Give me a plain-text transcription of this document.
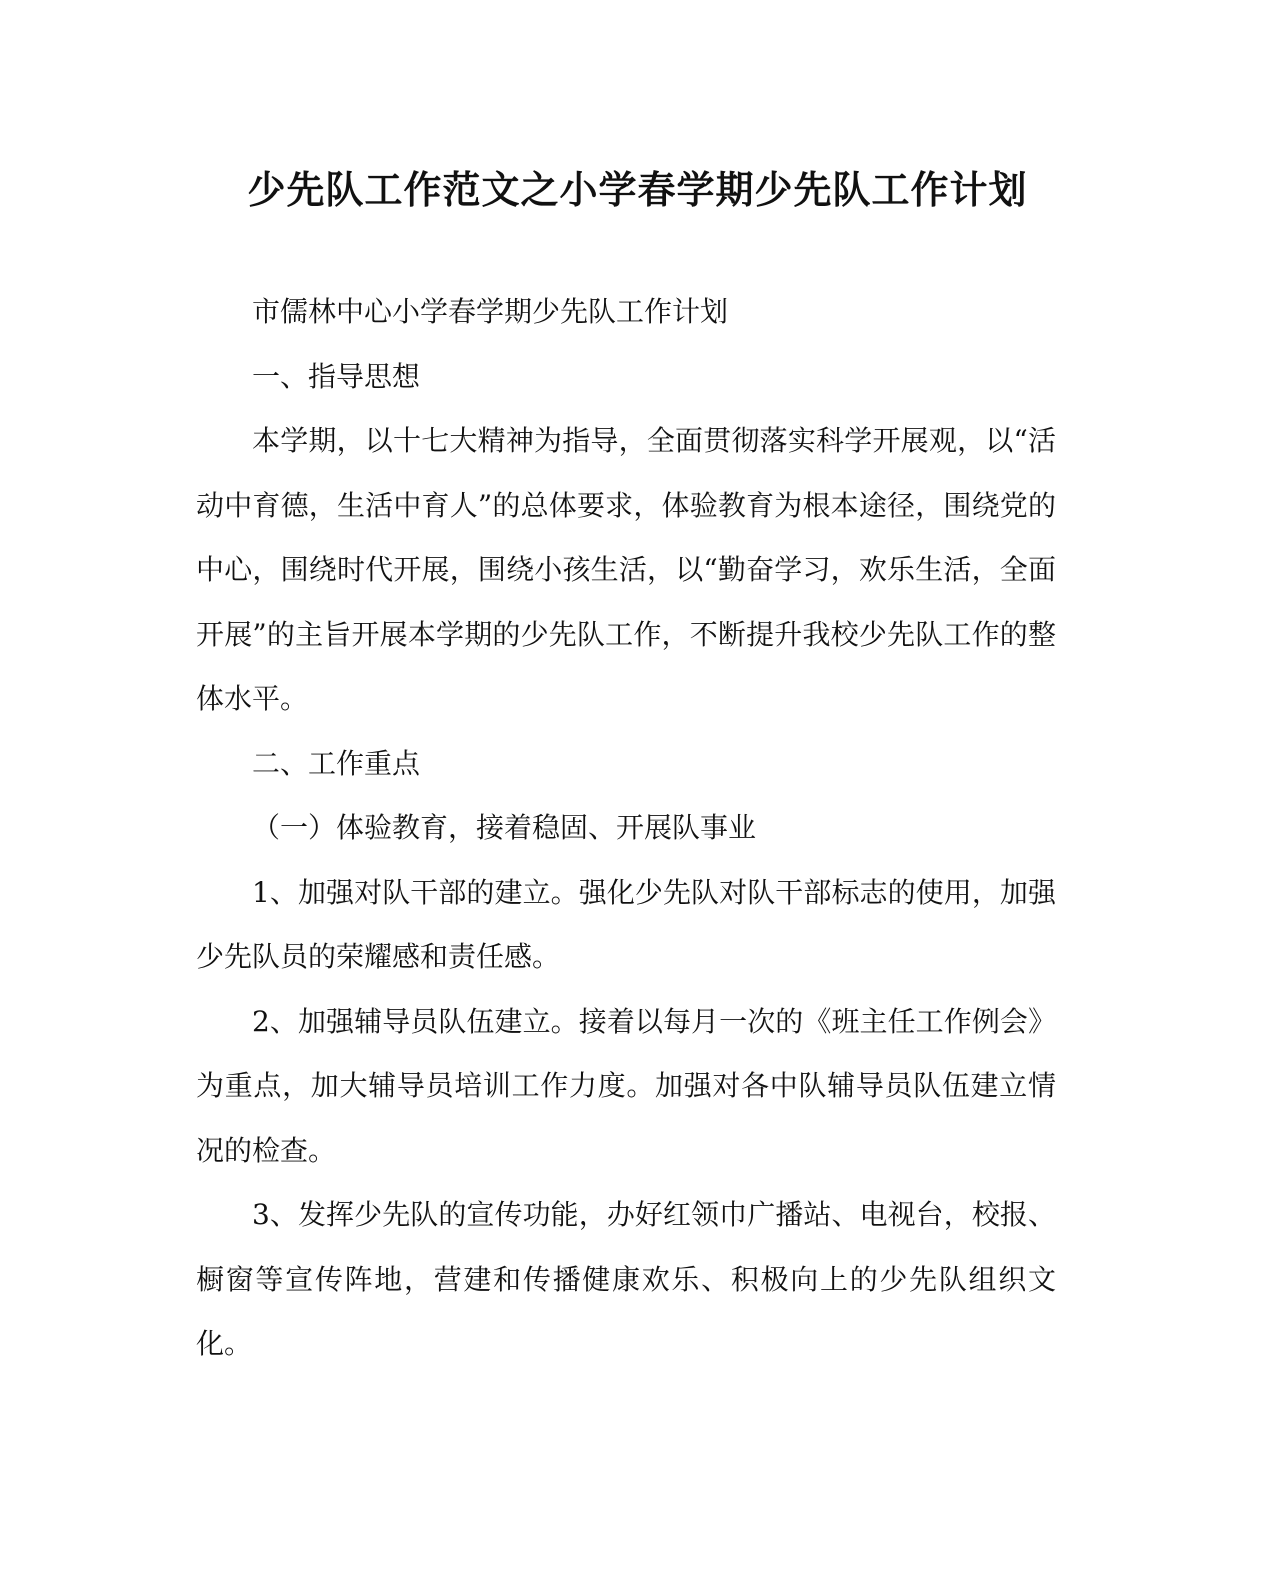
少先队工作范文之小学春学期少先队工作计划

市儒林中心小学春学期少先队工作计划

一、指导思想

本学期，以十七大精神为指导，全面贯彻落实科学开展观，以“活动中育德，生活中育人”的总体要求，体验教育为根本途径，围绕党的中心，围绕时代开展，围绕小孩生活，以“勤奋学习，欢乐生活，全面开展”的主旨开展本学期的少先队工作，不断提升我校少先队工作的整体水平。

二、工作重点

（一）体验教育，接着稳固、开展队事业

1、加强对队干部的建立。强化少先队对队干部标志的使用，加强少先队员的荣耀感和责任感。

2、加强辅导员队伍建立。接着以每月一次的《班主任工作例会》为重点，加大辅导员培训工作力度。加强对各中队辅导员队伍建立情况的检查。

3、发挥少先队的宣传功能，办好红领巾广播站、电视台，校报、橱窗等宣传阵地，营建和传播健康欢乐、积极向上的少先队组织文化。
